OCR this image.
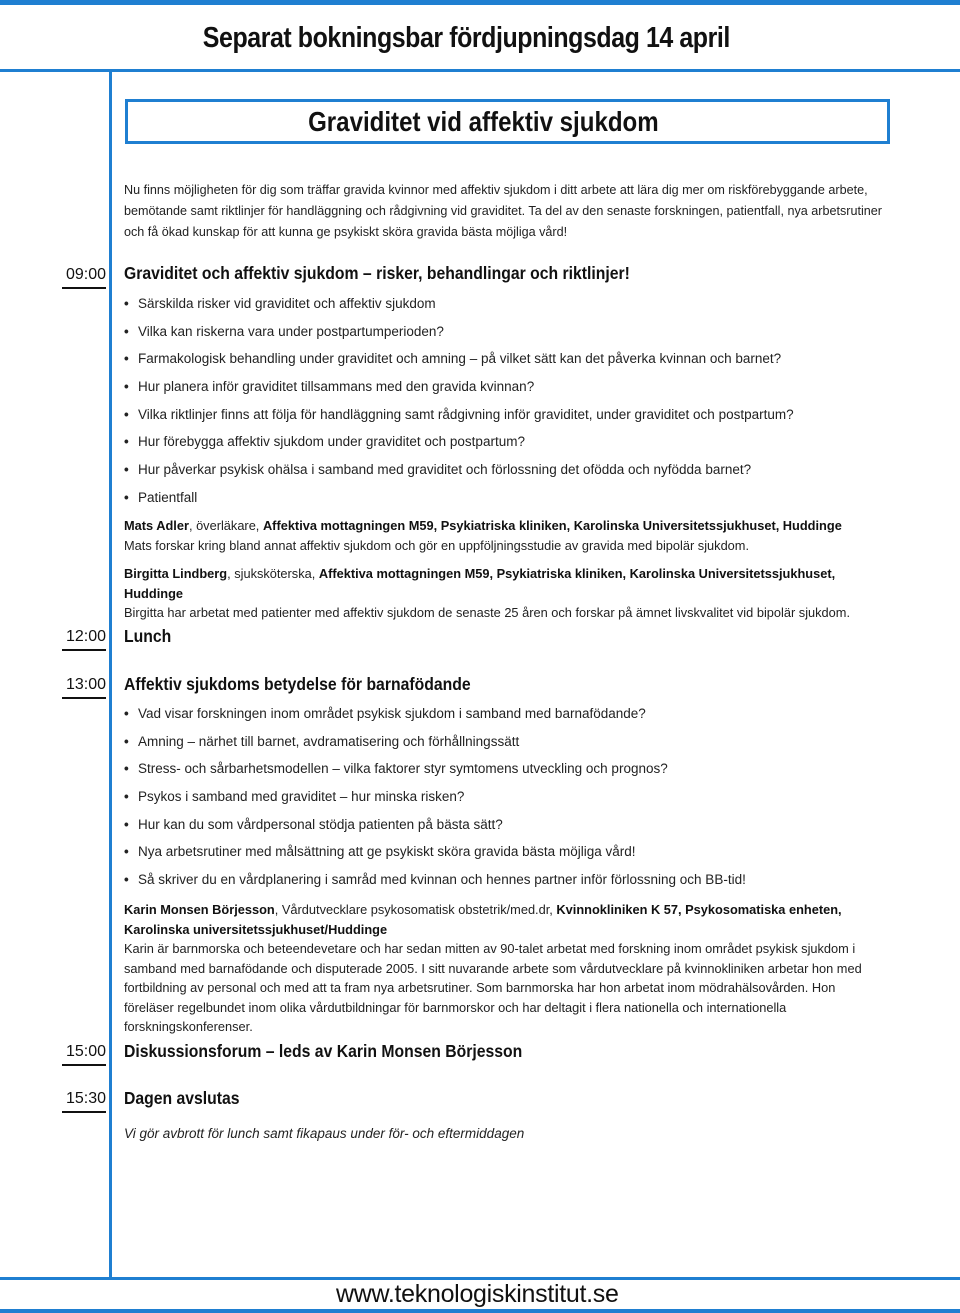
Separat bokningsbar fördjupningsdag 14 april
Graviditet vid affektiv sjukdom
Nu finns möjligheten för dig som träffar gravida kvinnor med affektiv sjukdom i ditt arbete att lära dig mer om riskförebyggande arbete, bemötande samt riktlinjer för handläggning och rådgivning vid graviditet. Ta del av den senaste forskningen, patientfall, nya arbetsrutiner och få ökad kunskap för att kunna ge psykiskt sköra gravida bästa möjliga vård!
09:00 Graviditet och affektiv sjukdom – risker, behandlingar och riktlinjer!
• Särskilda risker vid graviditet och affektiv sjukdom
• Vilka kan riskerna vara under postpartumperioden?
• Farmakologisk behandling under graviditet och amning – på vilket sätt kan det påverka kvinnan och barnet?
• Hur planera inför graviditet tillsammans med den gravida kvinnan?
• Vilka riktlinjer finns att följa för handläggning samt rådgivning inför graviditet, under graviditet och postpartum?
• Hur förebygga affektiv sjukdom under graviditet och postpartum?
• Hur påverkar psykisk ohälsa i samband med graviditet och förlossning det ofödda och nyfödda barnet?
• Patientfall
Mats Adler, överläkare, Affektiva mottagningen M59, Psykiatriska kliniken, Karolinska Universitetssjukhuset, Huddinge
Mats forskar kring bland annat affektiv sjukdom och gör en uppföljningsstudie av gravida med bipolär sjukdom.
Birgitta Lindberg, sjuksköterska, Affektiva mottagningen M59, Psykiatriska kliniken, Karolinska Universitetssjukhuset, Huddinge
Birgitta har arbetat med patienter med affektiv sjukdom de senaste 25 åren och forskar på ämnet livskvalitet vid bipolär sjukdom.
12:00 Lunch
13:00 Affektiv sjukdoms betydelse för barnafödande
• Vad visar forskningen inom området psykisk sjukdom i samband med barnafödande?
• Amning – närhet till barnet, avdramatisering och förhållningssätt
• Stress- och sårbarhetsmodellen – vilka faktorer styr symtomens utveckling och prognos?
• Psykos i samband med graviditet – hur minska risken?
• Hur kan du som vårdpersonal stödja patienten på bästa sätt?
• Nya arbetsrutiner med målsättning att ge psykiskt sköra gravida bästa möjliga vård!
• Så skriver du en vårdplanering i samråd med kvinnan och hennes partner inför förlossning och BB-tid!
Karin Monsen Börjesson, Vårdutvecklare psykosomatisk obstetrik/med.dr, Kvinnokliniken K 57, Psykosomatiska enheten, Karolinska universitetssjukhuset/Huddinge
Karin är barnmorska och beteendevetare och har sedan mitten av 90-talet arbetat med forskning inom området psykisk sjukdom i samband med barnafödande och disputerade 2005. I sitt nuvarande arbete som vårdutvecklare på kvinnokliniken arbetar hon med fortbildning av personal och med att ta fram nya arbetsrutiner. Som barnmorska har hon arbetat inom mödrahälsovården. Hon föreläser regelbundet inom olika vårdutbildningar för barnmorskor och har deltagit i flera nationella och internationella forskningskonferenser.
15:00 Diskussionsforum – leds av Karin Monsen Börjesson
15:30 Dagen avslutas
Vi gör avbrott för lunch samt fikapaus under för- och eftermiddagen
www.teknologiskinstitut.se
